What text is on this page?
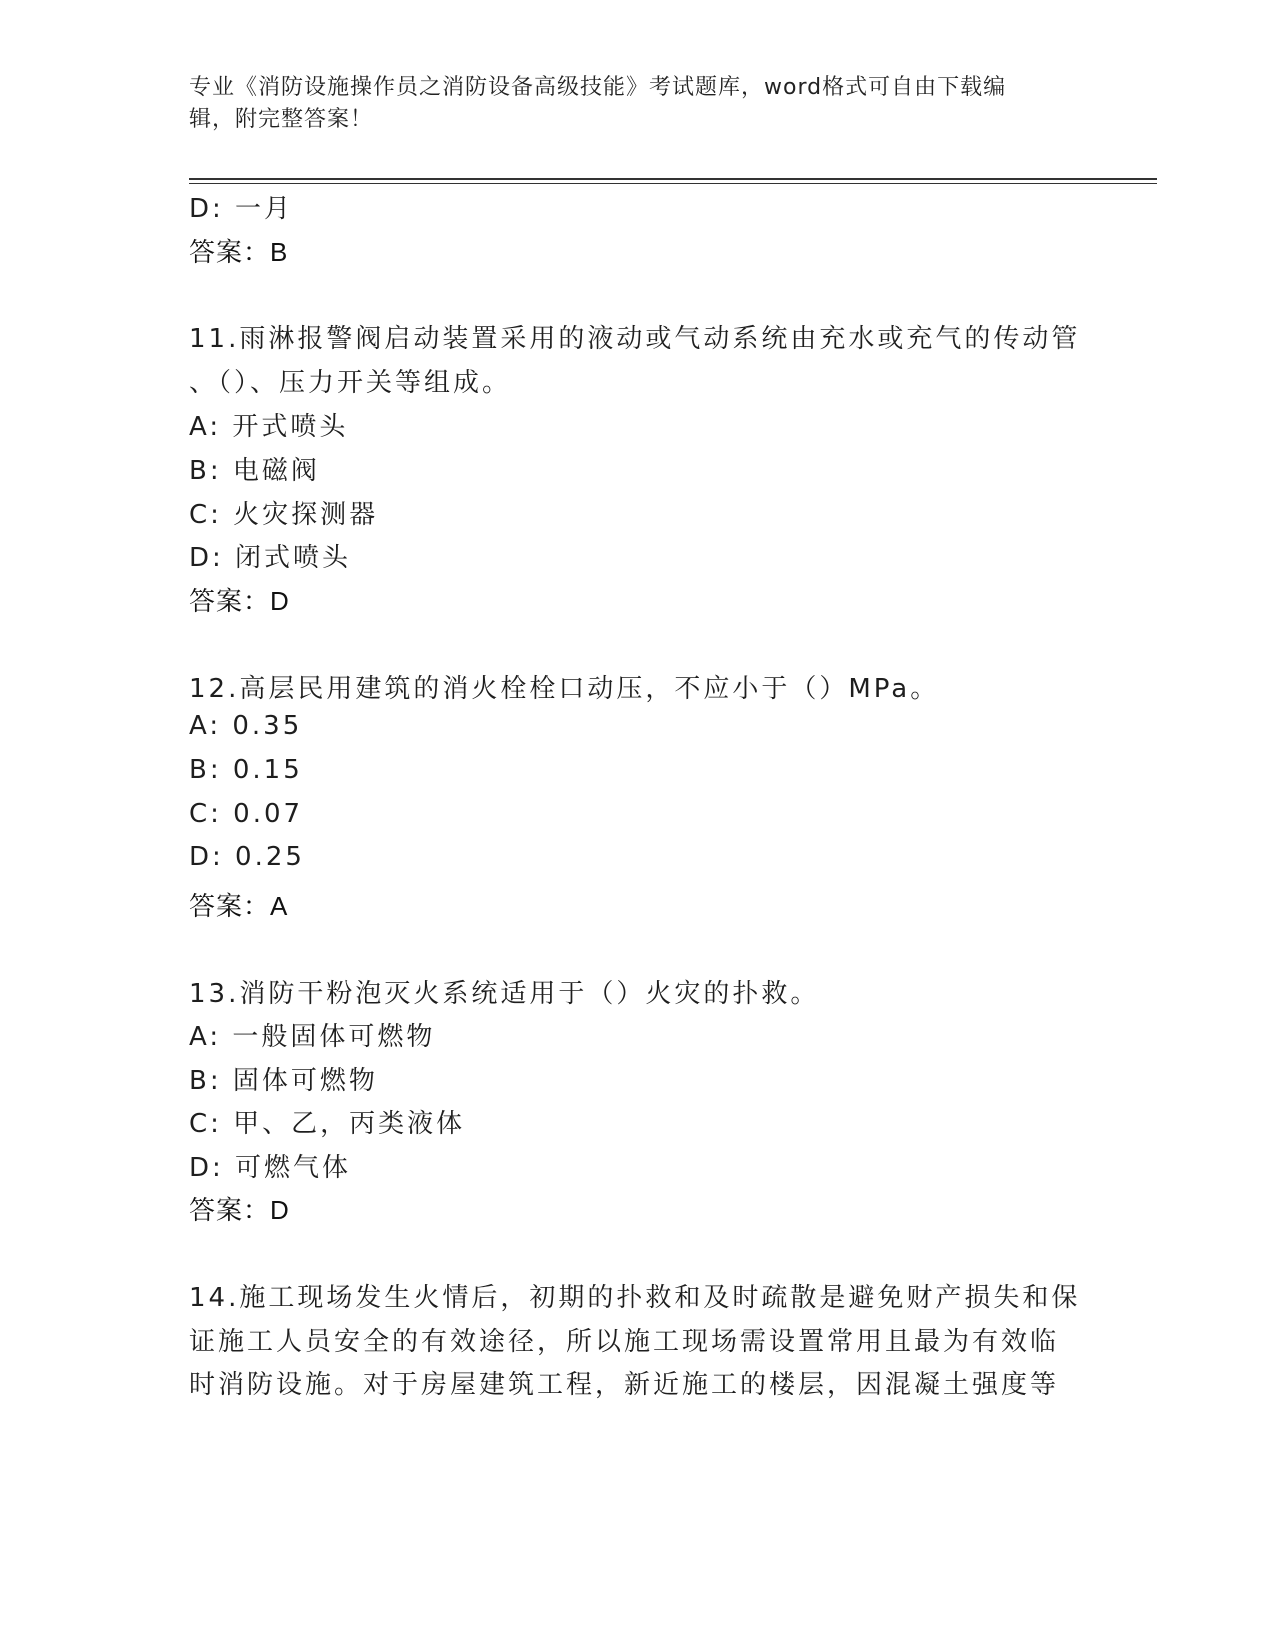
专业《消防设施操作员之消防设备高级技能》考试题库，word格式可自由下载编
辑，附完整答案！
D: 一月
答案：B
11.雨淋报警阀启动装置采用的液动或气动系统由充水或充气的传动管
、（）、压力开关等组成。
A: 开式喷头
B: 电磁阀
C: 火灾探测器
D: 闭式喷头
答案：D
12.高层民用建筑的消火栓栓口动压，不应小于（）MPa。
A: 0.35
B: 0.15
C: 0.07
D: 0.25
答案：A
13.消防干粉泡灭火系统适用于（）火灾的扑救。
A: 一般固体可燃物
B: 固体可燃物
C: 甲、乙，丙类液体
D: 可燃气体
答案：D
14.施工现场发生火情后，初期的扑救和及时疏散是避免财产损失和保
证施工人员安全的有效途径，所以施工现场需设置常用且最为有效临
时消防设施。对于房屋建筑工程，新近施工的楼层，因混凝土强度等
